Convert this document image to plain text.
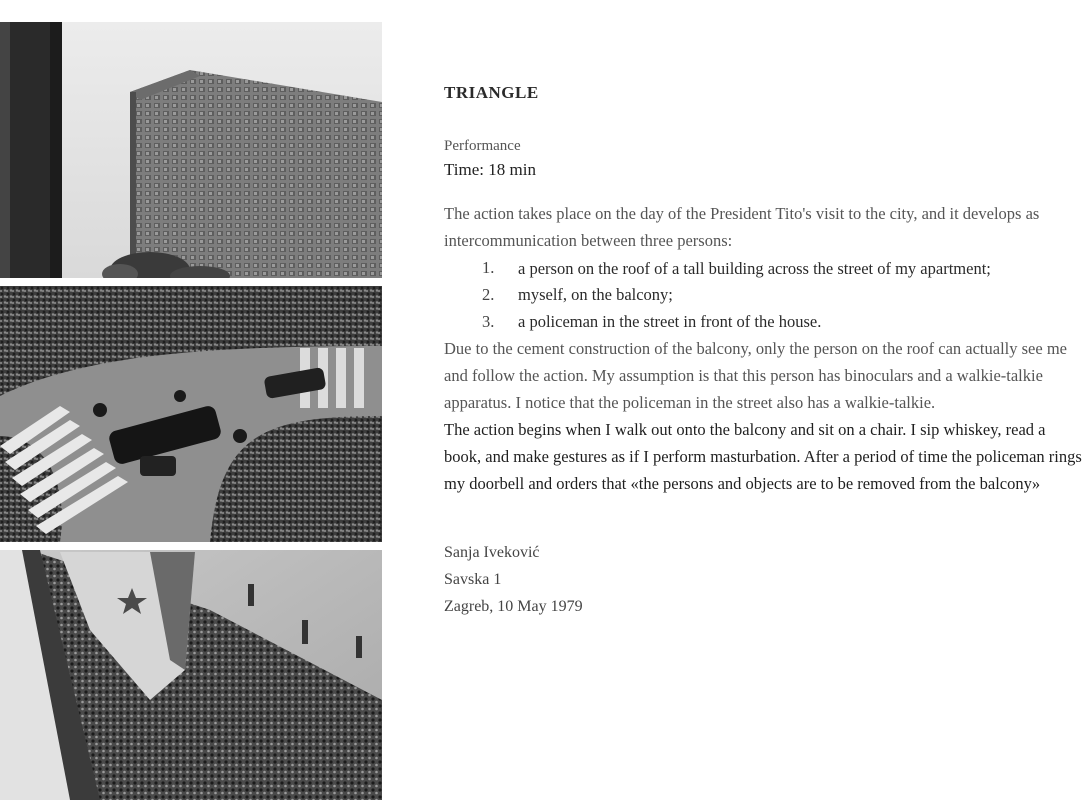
TRIANGLE
Performance
Time: 18 min

The action takes place on the day of the President Tito's visit to the city, and it develops as intercommunication between three persons:

1.	a person on the roof of a tall building across the street of my apartment;
2.	myself, on the balcony;
3.	a policeman in the street in front of the house.

Due to the cement construction of the balcony, only the person on the roof can actually see me and follow the action. My assumption is that this person has binoculars and a walkie-talkie apparatus. I notice that the policeman in the street also has a walkie-talkie.

The action begins when I walk out onto the balcony and sit on a chair. I sip whiskey, read a book, and make gestures as if I perform masturbation. After a period of time the policeman rings my doorbell and orders that «the persons and objects are to be removed from the balcony»

Sanja Iveković
Savska 1
Zagreb, 10 May 1979
